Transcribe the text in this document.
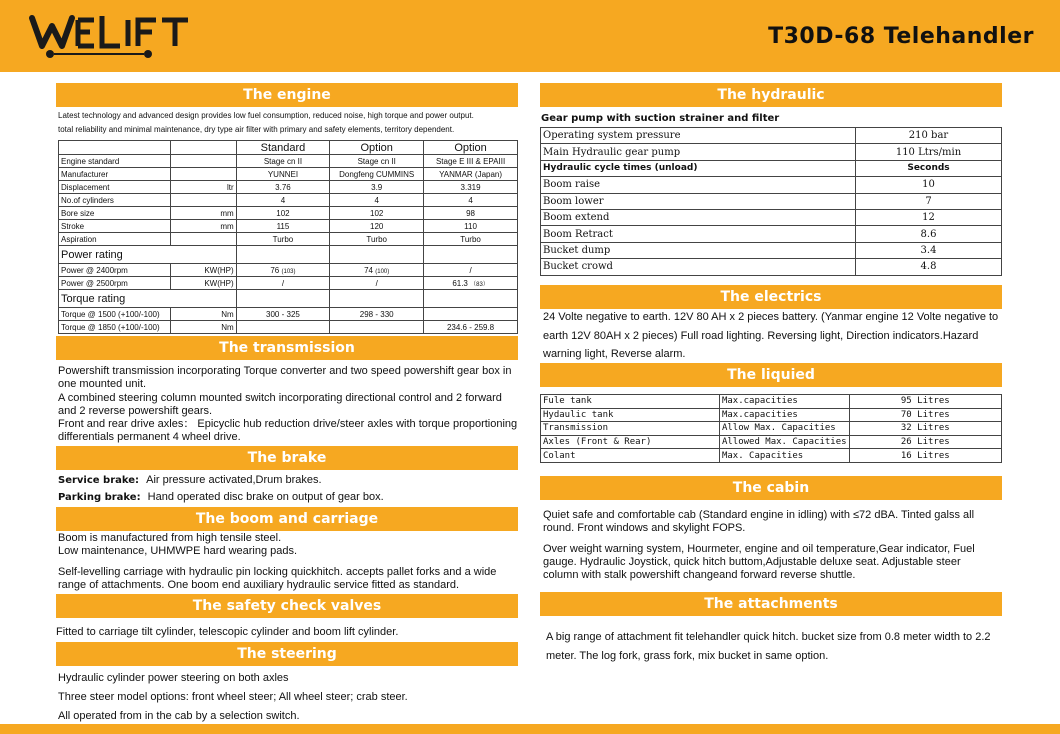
T30D-68 Telehandler
The engine
Latest technology and advanced design provides low fuel consumption, reduced noise, high torque and power output.
total reliability and minimal maintenance, dry type air filter with primary and safety elements, territory dependent.
		Standard	Option	Option
Engine standard		Stage cn II	Stage cn II	Stage E III & EPAIII
Manufacturer		YUNNEI	Dongfeng CUMMINS	YANMAR (Japan)
Displacement	ltr	3.76	3.9	3.319
No.of cylinders		4	4	4
Bore size	mm	102	102	98
Stroke	mm	115	120	110
Aspiration		Turbo	Turbo	Turbo
Power rating				
Power @ 2400rpm	KW(HP)	76 (103)	74 (100)	/
Power @ 2500rpm	KW(HP)	/	/	61.3 （83）
Torque rating				
Torque @ 1500 (+100/-100)	Nm	300 - 325	298 - 330	
Torque @ 1850 (+100/-100)	Nm			234.6 - 259.8
The transmission
Powershift transmission incorporating Torque converter and two speed powershift gear box in one mounted unit.
A combined steering column mounted switch incorporating directional control and 2 forward and 2 reverse powershift gears.
Front and rear drive axles： Epicyclic hub reduction drive/steer axles with torque proportioning differentials permanent 4 wheel drive.
The brake
Service brake: Air pressure activated,Drum brakes.
Parking brake: Hand operated disc brake on output of gear box.
The boom and carriage
Boom is manufactured from high tensile steel.
Low maintenance, UHMWPE hard wearing pads.
Self-levelling carriage with hydraulic pin locking quickhitch. accepts pallet forks and a wide range of attachments. One boom end auxiliary hydraulic service fitted as standard.
The safety check valves
Fitted to carriage tilt cylinder, telescopic cylinder and boom lift cylinder.
The steering
Hydraulic cylinder power steering on both axles
Three steer model options: front wheel steer; All wheel steer; crab steer.
All operated from in the cab by a selection switch.
The hydraulic
Gear pump with suction strainer and filter
Operating system pressure	210 bar
Main Hydraulic gear pump	110 Ltrs/min
Hydraulic cycle times (unload)	Seconds
Boom raise	10
Boom lower	7
Boom extend	12
Boom Retract	8.6
Bucket dump	3.4
Bucket crowd	4.8
The electrics
24 Volte negative to earth. 12V 80 AH x 2 pieces battery. (Yanmar engine 12 Volte negative to
earth 12V 80AH x 2 pieces) Full road lighting. Reversing light, Direction indicators.Hazard
warning light, Reverse alarm.
The liquied
Fule tank	Max.capacities	95 Litres
Hydaulic tank	Max.capacities	70 Litres
Transmission	Allow Max. Capacities	32 Litres
Axles (Front & Rear)	Allowed Max. Capacities	26 Litres
Colant	Max. Capacities	16 Litres
The cabin
Quiet safe and comfortable cab (Standard engine in idling) with ≤72 dBA. Tinted galss all round. Front windows and skylight FOPS.
Over weight warning system, Hourmeter, engine and oil temperature,Gear indicator, Fuel gauge. Hydraulic Joystick, quick hitch buttom,Adjustable deluxe seat. Adjustable steer column with stalk powershift changeand forward reverse shuttle.
The attachments
A big range of attachment fit telehandler quick hitch. bucket size from 0.8 meter width to 2.2
meter. The log fork, grass fork, mix bucket in same option.
